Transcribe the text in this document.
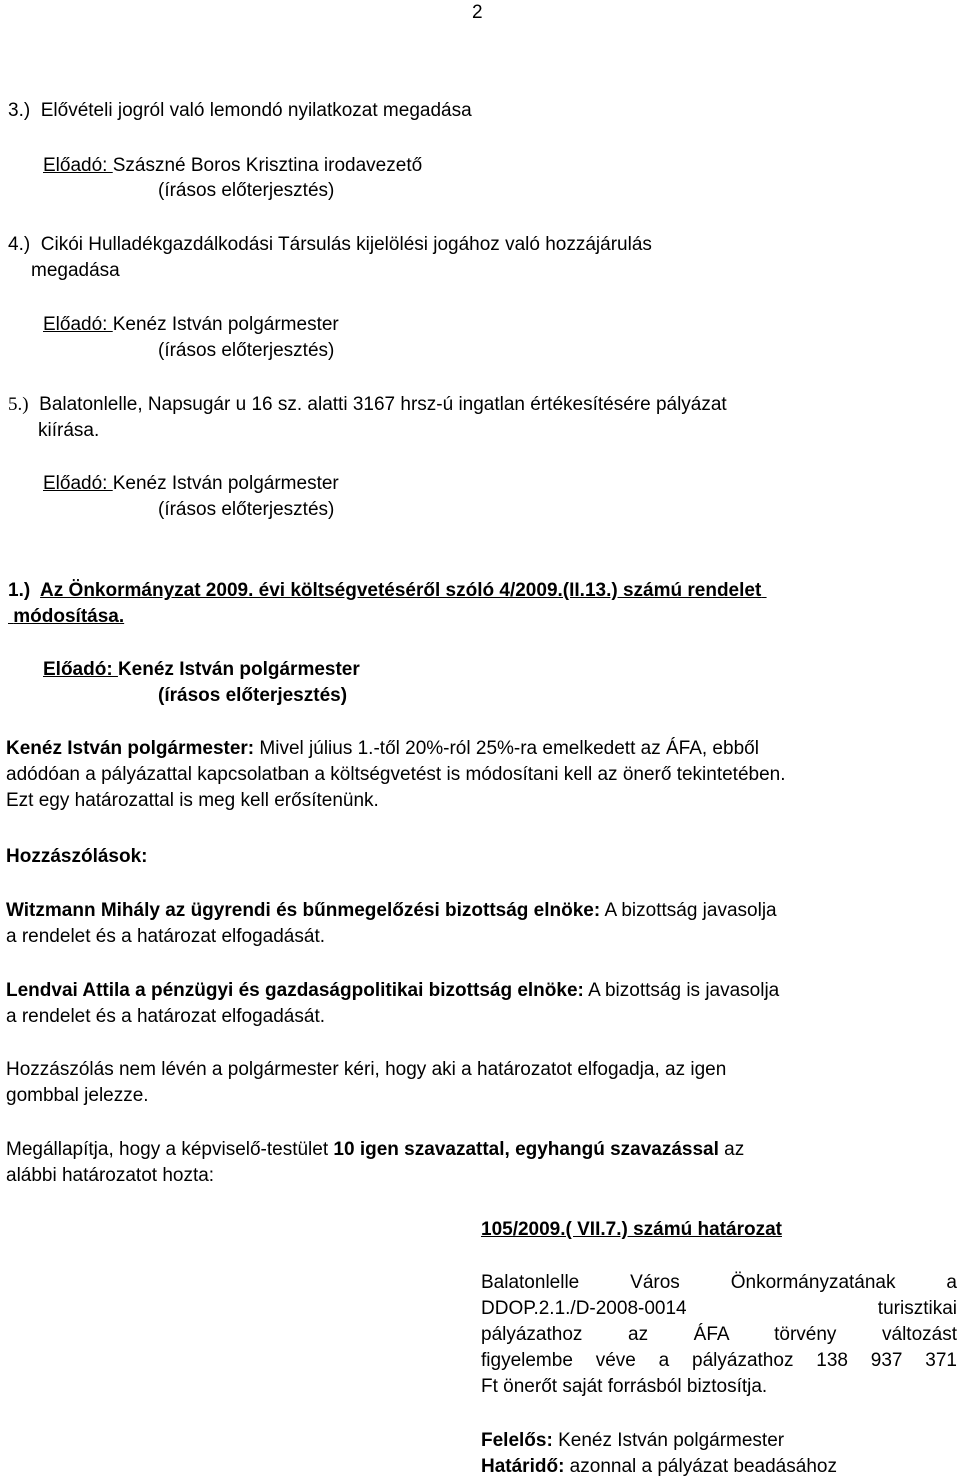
2
3.) Elővételi jogról való lemondó nyilatkozat megadása
Előadó: Szászné Boros Krisztina irodavezető
(írásos előterjesztés)
4.) Cikói Hulladékgazdálkodási Társulás kijelölési jogához való hozzájárulás
megadása
Előadó: Kenéz István polgármester
(írásos előterjesztés)
5.) Balatonlelle, Napsugár u 16 sz. alatti 3167 hrsz-ú ingatlan értékesítésére pályázat
kiírása.
Előadó: Kenéz István polgármester
(írásos előterjesztés)
1.) Az Önkormányzat 2009. évi költségvetéséről szóló 4/2009.(II.13.) számú rendelet
módosítása.
Előadó: Kenéz István polgármester
(írásos előterjesztés)
Kenéz István polgármester: Mivel július 1.-től 20%-ról 25%-ra emelkedett az ÁFA, ebből
adódóan a pályázattal kapcsolatban a költségvetést is módosítani kell az önerő tekintetében.
Ezt egy határozattal is meg kell erősítenünk.
Hozzászólások:
Witzmann Mihály az ügyrendi és bűnmegelőzési bizottság elnöke: A bizottság javasolja
a rendelet és a határozat elfogadását.
Lendvai Attila a pénzügyi és gazdaságpolitikai bizottság elnöke: A bizottság is javasolja
a rendelet és a határozat elfogadását.
Hozzászólás nem lévén a polgármester kéri, hogy aki a határozatot elfogadja, az igen
gombbal jelezze.
Megállapítja, hogy a képviselő-testület 10 igen szavazattal, egyhangú szavazással az
alábbi határozatot hozta:
105/2009.( VII.7.) számú határozat
Balatonlelle Város Önkormányzatának a
DDOP.2.1./D-2008-0014 turisztikai
pályázathoz az ÁFA törvény változást
figyelembe véve a pályázathoz 138 937 371
Ft önerőt saját forrásból biztosítja.
Felelős: Kenéz István polgármester
Határidő: azonnal a pályázat beadásához
